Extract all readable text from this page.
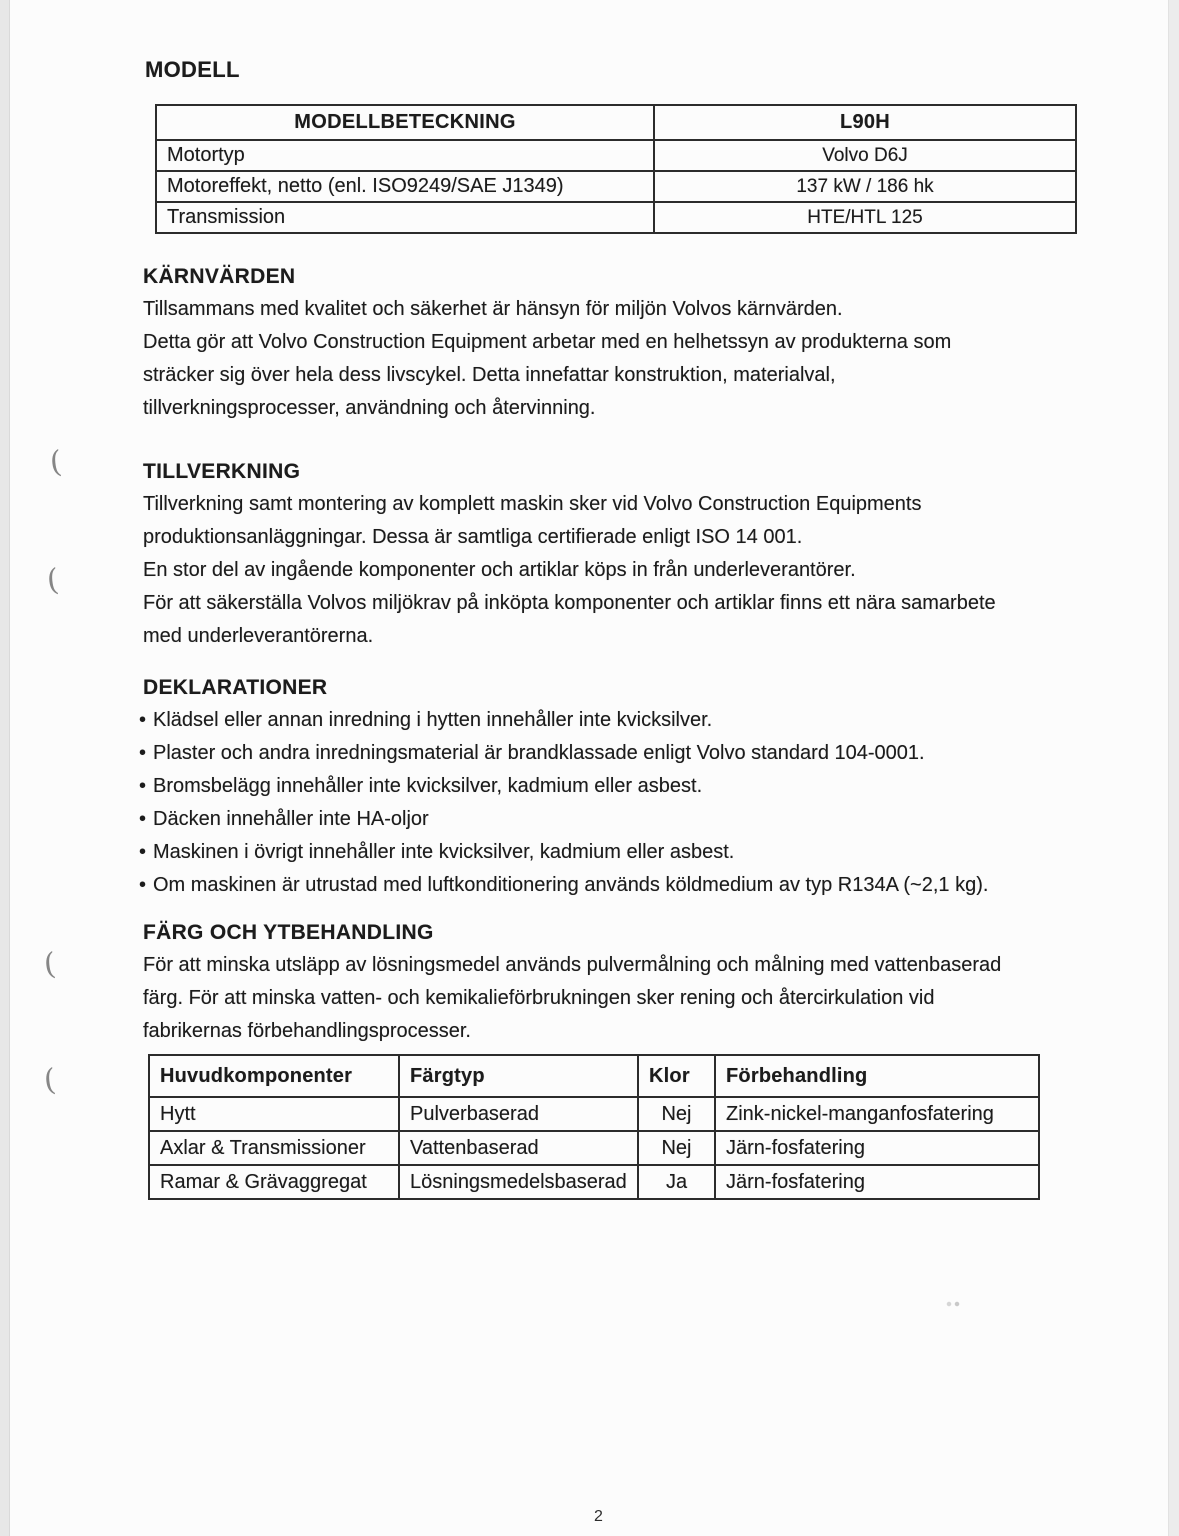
(
(
(
(
MODELL
MODELLBETECKNING	L90H
Motortyp	Volvo D6J
Motoreffekt, netto (enl. ISO9249/SAE J1349)	137 kW / 186 hk
Transmission	HTE/HTL 125
KÄRNVÄRDEN
Tillsammans med kvalitet och säkerhet är hänsyn för miljön Volvos kärnvärden.
Detta gör att Volvo Construction Equipment arbetar med en helhetssyn av produkterna som
sträcker sig över hela dess livscykel. Detta innefattar konstruktion, materialval,
tillverkningsprocesser, användning och återvinning.
TILLVERKNING
Tillverkning samt montering av komplett maskin sker vid Volvo Construction Equipments
produktionsanläggningar. Dessa är samtliga certifierade enligt ISO 14 001.
En stor del av ingående komponenter och artiklar köps in från underleverantörer.
För att säkerställa Volvos miljökrav på inköpta komponenter och artiklar finns ett nära samarbete
med underleverantörerna.
DEKLARATIONER
• Klädsel eller annan inredning i hytten innehåller inte kvicksilver.
• Plaster och andra inredningsmaterial är brandklassade enligt Volvo standard 104-0001.
• Bromsbelägg innehåller inte kvicksilver, kadmium eller asbest.
• Däcken innehåller inte HA-oljor
• Maskinen i övrigt innehåller inte kvicksilver, kadmium eller asbest.
• Om maskinen är utrustad med luftkonditionering används köldmedium av typ R134A (~2,1 kg).
FÄRG OCH YTBEHANDLING
För att minska utsläpp av lösningsmedel används pulvermålning och målning med vattenbaserad
färg. För att minska vatten- och kemikalieförbrukningen sker rening och återcirkulation vid
fabrikernas förbehandlingsprocesser.
Huvudkomponenter	Färgtyp	Klor	Förbehandling
Hytt	Pulverbaserad	Nej	Zink-nickel-manganfosfatering
Axlar & Transmissioner	Vattenbaserad	Nej	Järn-fosfatering
Ramar & Grävaggregat	Lösningsmedelsbaserad	Ja	Järn-fosfatering
2
